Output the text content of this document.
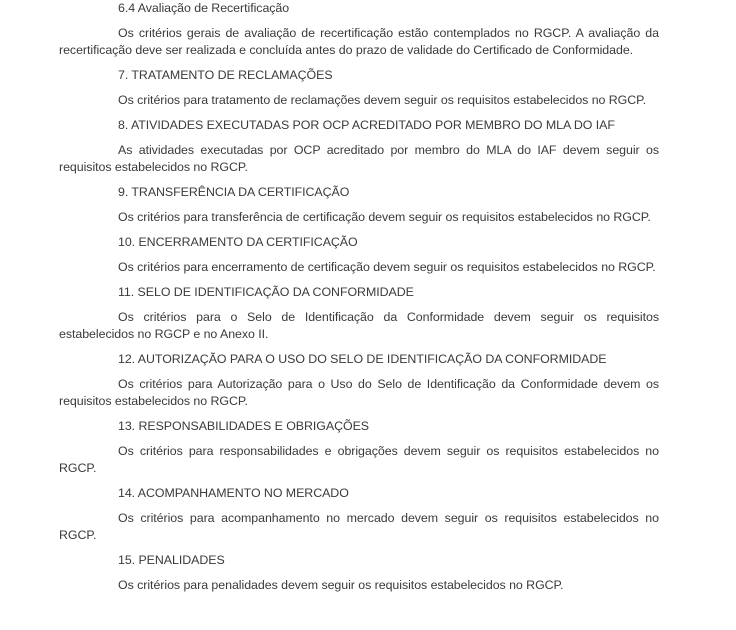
6.4 Avaliação de Recertificação

Os critérios gerais de avaliação de recertificação estão contemplados no RGCP. A avaliação da recertificação deve ser realizada e concluída antes do prazo de validade do Certificado de Conformidade.

7. TRATAMENTO DE RECLAMAÇÕES

Os critérios para tratamento de reclamações devem seguir os requisitos estabelecidos no RGCP.

8. ATIVIDADES EXECUTADAS POR OCP ACREDITADO POR MEMBRO DO MLA DO IAF

As atividades executadas por OCP acreditado por membro do MLA do IAF devem seguir os requisitos estabelecidos no RGCP.

9. TRANSFERÊNCIA DA CERTIFICAÇÃO

Os critérios para transferência de certificação devem seguir os requisitos estabelecidos no RGCP.

10. ENCERRAMENTO DA CERTIFICAÇÃO

Os critérios para encerramento de certificação devem seguir os requisitos estabelecidos no RGCP.

11. SELO DE IDENTIFICAÇÃO DA CONFORMIDADE

Os critérios para o Selo de Identificação da Conformidade devem seguir os requisitos estabelecidos no RGCP e no Anexo II.

12. AUTORIZAÇÃO PARA O USO DO SELO DE IDENTIFICAÇÃO DA CONFORMIDADE

Os critérios para Autorização para o Uso do Selo de Identificação da Conformidade devem os requisitos estabelecidos no RGCP.

13. RESPONSABILIDADES E OBRIGAÇÕES

Os critérios para responsabilidades e obrigações devem seguir os requisitos estabelecidos no RGCP.

14. ACOMPANHAMENTO NO MERCADO

Os critérios para acompanhamento no mercado devem seguir os requisitos estabelecidos no RGCP.

15. PENALIDADES

Os critérios para penalidades devem seguir os requisitos estabelecidos no RGCP.
